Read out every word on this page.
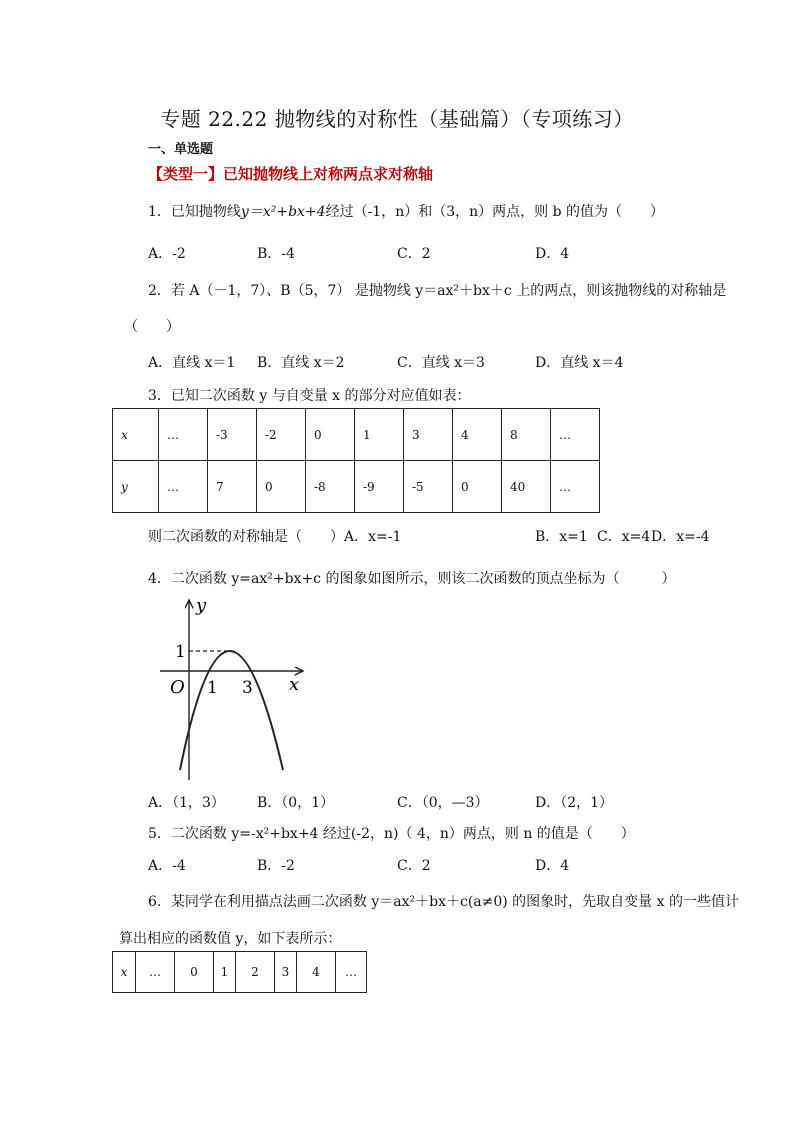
专题 22.22 抛物线的对称性（基础篇）（专项练习）
一、单选题
【类型一】已知抛物线上对称两点求对称轴
1．已知抛物线y＝x²+bx+4经过（-1，n）和（3，n）两点，则 b 的值为（　　）
A．-2	B．-4	C．2	D．4
2．若 A（－1，7）、B（5，7） 是抛物线 y＝ax²＋bx＋c 上的两点，则该抛物线的对称轴是
（　　）
A．直线 x＝1 B．直线 x＝2	C．直线 x＝3	D．直线 x＝4
3．已知二次函数 y 与自变量 x 的部分对应值如表：
x	…	-3	-2	0	1	3	4	8	…
y	…	7	0	-8	-9	-5	0	40	…
则二次函数的对称轴是（　　）A．x=-1	B．x=1 C．x=4 D．x=-4
4．二次函数 y=ax²+bx+c 的图象如图所示，则该二次函数的顶点坐标为（　　　）
y
x
O 1 3
1
A．（1，3） B．（0，1）	C．（0，—3）	D．（2，1）
5．二次函数 y=-x²+bx+4 经过(-2，n)（ 4，n）两点，则 n 的值是（　　）
A．-4	B．-2	C．2	D．4
6．某同学在利用描点法画二次函数 y＝ax²＋bx＋c(a≠0) 的图象时，先取自变量 x 的一些值计
算出相应的函数值 y，如下表所示：
x	…	0	1	2	3	4	…
